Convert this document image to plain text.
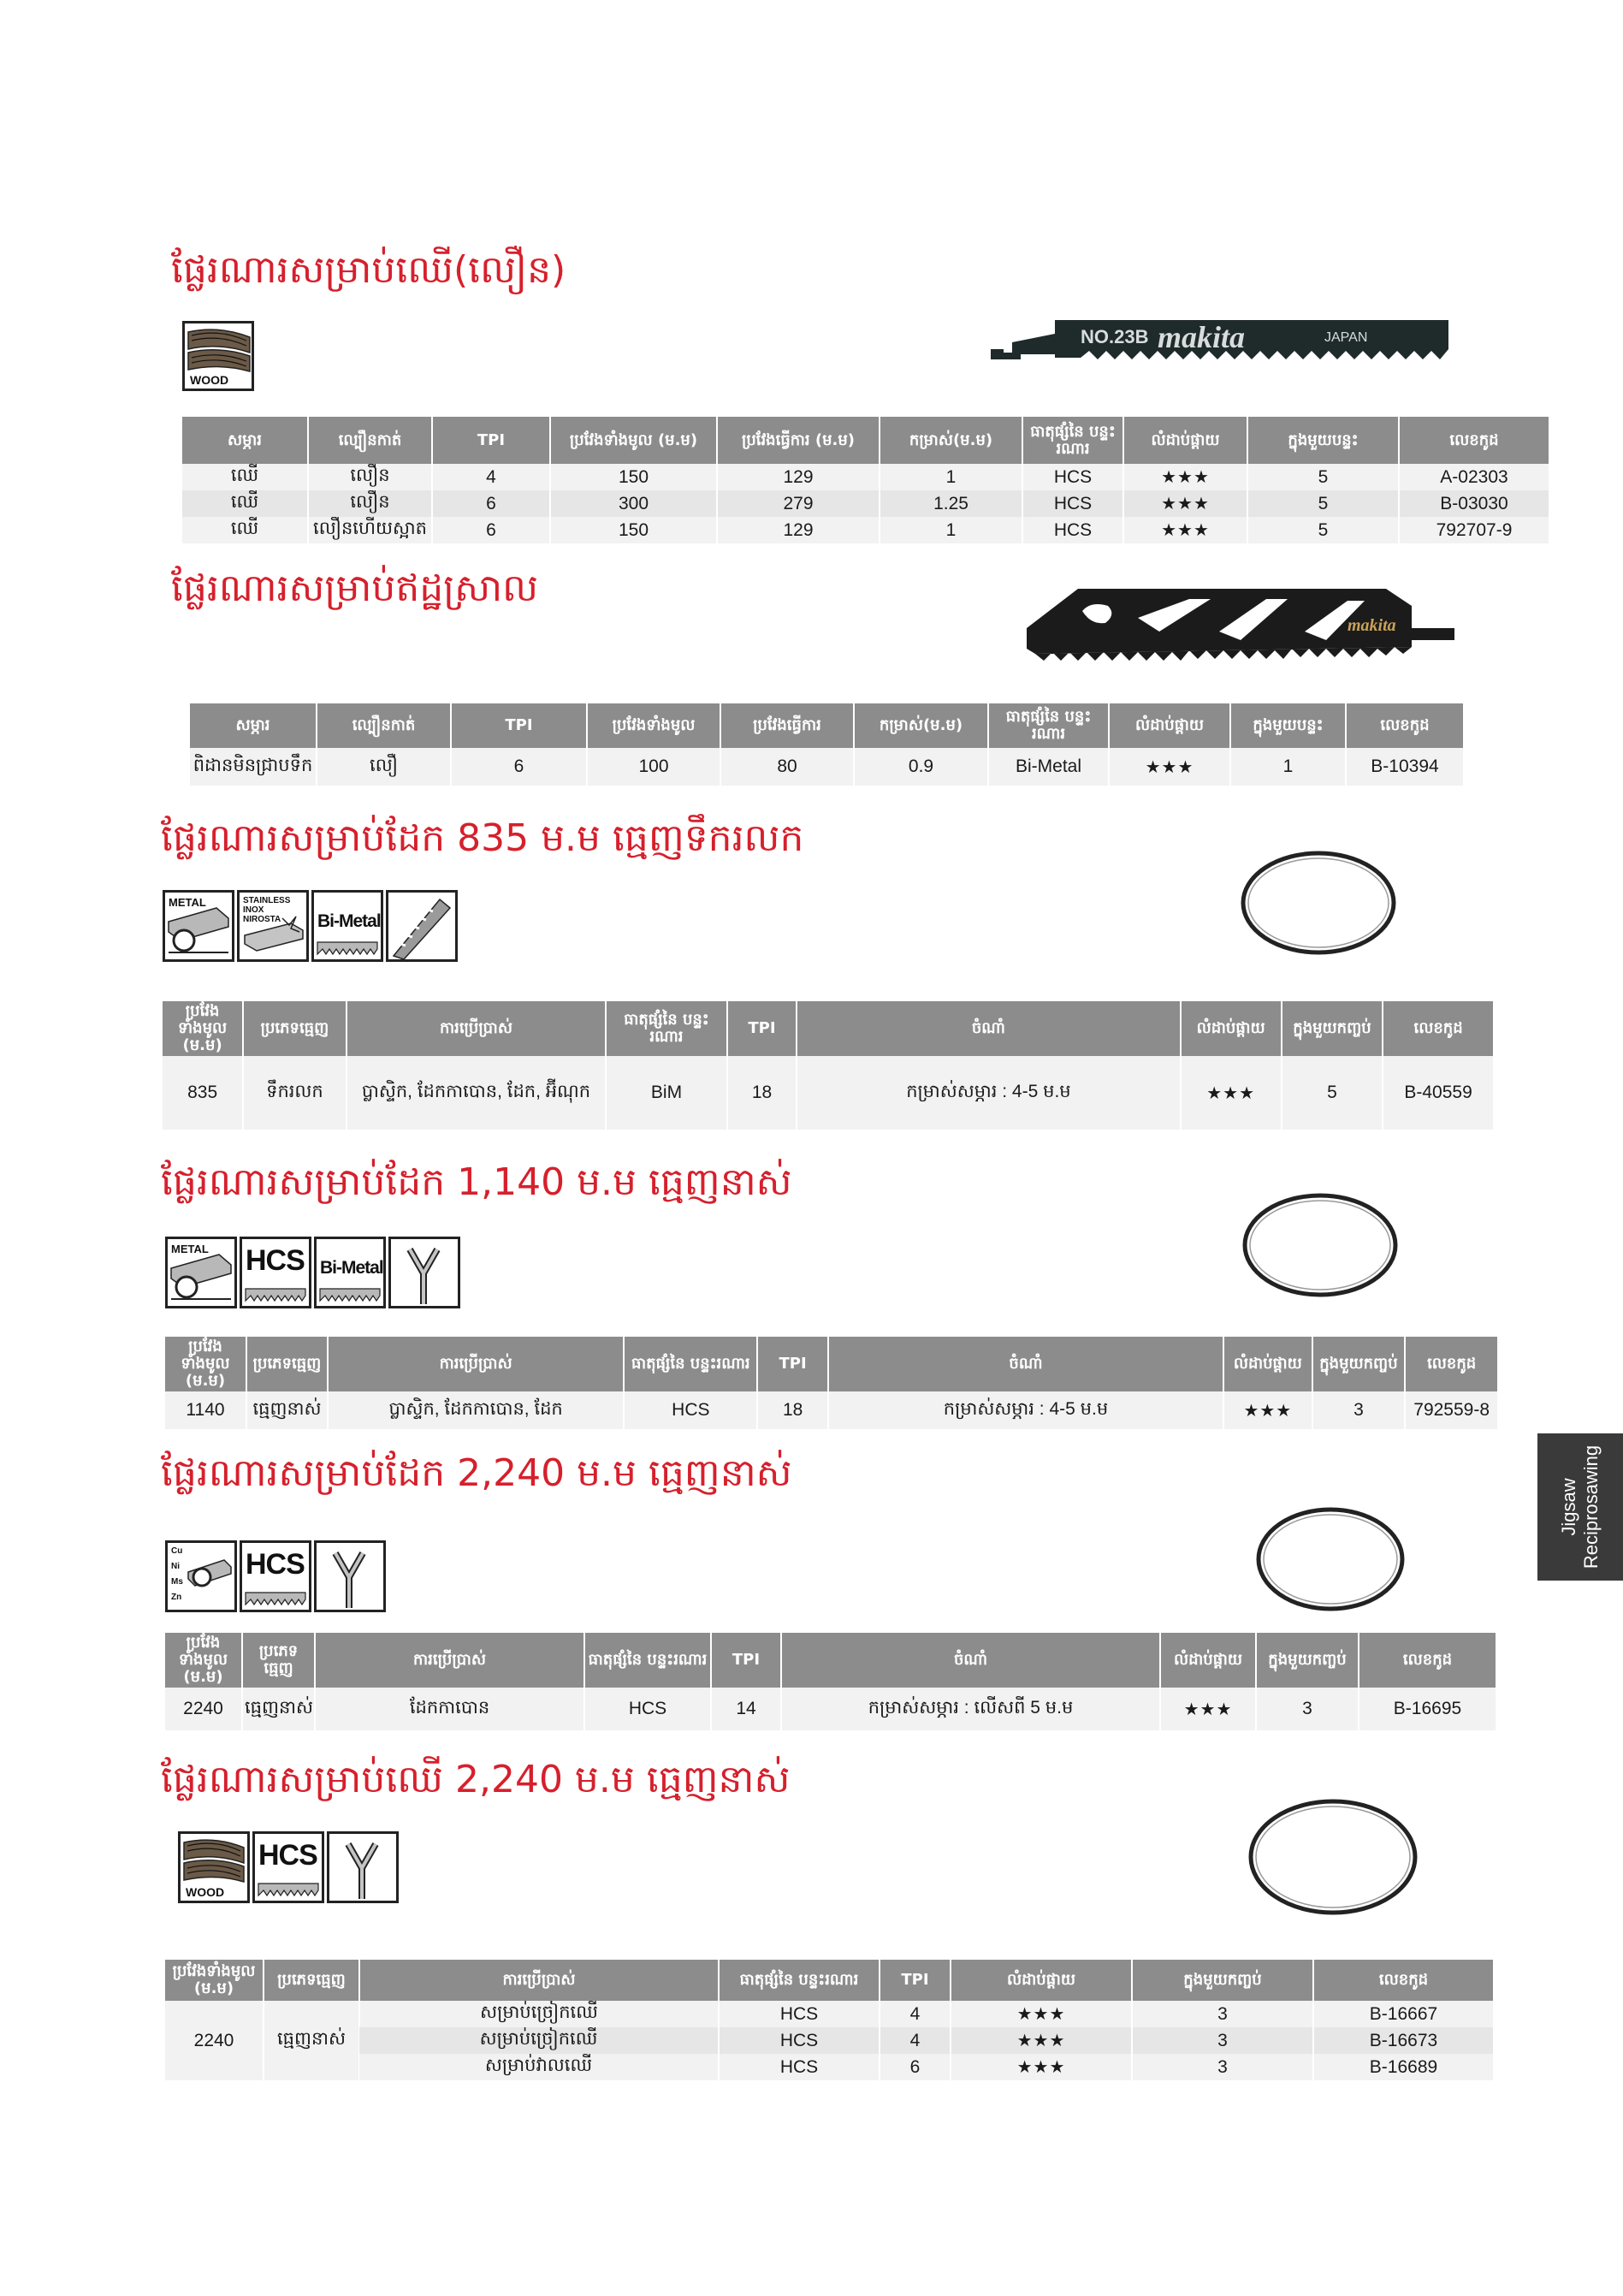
ផ្លែរណារសម្រាប់ឈើ(លឿន)
WOOD
NO.23B makita	JAPAN
សម្ភារ	ល្បឿនកាត់	TPI	ប្រវែងទាំងមូល (ម.ម)	ប្រវែងធ្វើការ (ម.ម)	កម្រាស់(ម.ម)	ធាតុផ្សំនៃ បន្ទះរណារ	លំដាប់ផ្តាយ	ក្នុងមួយបន្ទះ	លេខកូដ
ឈើ	លឿន	4	150	129	1	HCS	★★★	5	A-02303
ឈើ	លឿន	6	300	279	1.25	HCS	★★★	5	B-03030
ឈើ	លឿនហើយស្អាត	6	150	129	1	HCS	★★★	5	792707-9
ផ្លែរណារសម្រាប់ឥដ្ឋស្រាល
makita
សម្ភារ	ល្បឿនកាត់	TPI	ប្រវែងទាំងមូល	ប្រវែងធ្វើការ	កម្រាស់(ម.ម)	ធាតុផ្សំនៃ បន្ទះរណារ	លំដាប់ផ្តាយ	ក្នុងមួយបន្ទះ	លេខកូដ
ពិដានមិនជ្រាបទឹក	លឿ	6	100	80	0.9	Bi-Metal	★★★	1	B-10394
ផ្លែរណារសម្រាប់ដែក 835 ម.ម ធ្មេញទឹករលក
METAL	STAINLESS
INOX
NIROSTA Bi-Metal
ប្រវែងទាំងមូល (ម.ម)	ប្រភេទធ្មេញ	ការប្រើប្រាស់	ធាតុផ្សំនៃ បន្ទះរណារ	TPI	ចំណាំ	លំដាប់ផ្តាយ	ក្នុងមួយកញ្ចប់	លេខកូដ
835	ទឹករលក	ប្លាស្ទិក, ដែកកាបោន, ដែក, អ៊ីណុក	BiM	18	កម្រាស់សម្ភារ : 4-5 ម.ម	★★★	5	B-40559
ផ្លែរណារសម្រាប់ដែក 1,140 ម.ម ធ្មេញនាស់
METAL HCS Bi-Metal
ប្រវែងទាំងមូល (ម.ម)	ប្រភេទធ្មេញ	ការប្រើប្រាស់	ធាតុផ្សំនៃ បន្ទះរណារ	TPI	ចំណាំ	លំដាប់ផ្តាយ	ក្នុងមួយកញ្ចប់	លេខកូដ
1140	ធ្មេញនាស់	ប្លាស្ទិក, ដែកកាបោន, ដែក	HCS	18	កម្រាស់សម្ភារ : 4-5 ម.ម	★★★	3	792559-8
ផ្លែរណារសម្រាប់ដែក 2,240 ម.ម ធ្មេញនាស់
Cu
Ni
Ms
Zn
HCS
ប្រវែងទាំងមូល (ម.ម)	ប្រភេទធ្មេញ	ការប្រើប្រាស់	ធាតុផ្សំនៃ បន្ទះរណារ	TPI	ចំណាំ	លំដាប់ផ្តាយ	ក្នុងមួយកញ្ចប់	លេខកូដ
2240	ធ្មេញនាស់	ដែកកាបោន	HCS	14	កម្រាស់សម្ភារ : លើសពី 5 ម.ម	★★★	3	B-16695
ផ្លែរណារសម្រាប់ឈើ 2,240 ម.ម ធ្មេញនាស់
WOOD
HCS
ប្រវែងទាំងមូល (ម.ម)	ប្រភេទធ្មេញ	ការប្រើប្រាស់	ធាតុផ្សំនៃ បន្ទះរណារ	TPI	លំដាប់ផ្តាយ	ក្នុងមួយកញ្ចប់	លេខកូដ
2240	ធ្មេញនាស់	សម្រាប់ច្រៀកឈើ	HCS	4	★★★	3	B-16667
		សម្រាប់ច្រៀកឈើ	HCS	4	★★★	3	B-16673
		សម្រាប់វាលឈើ	HCS	6	★★★	3	B-16689
Jigsaw Reciprosawing
